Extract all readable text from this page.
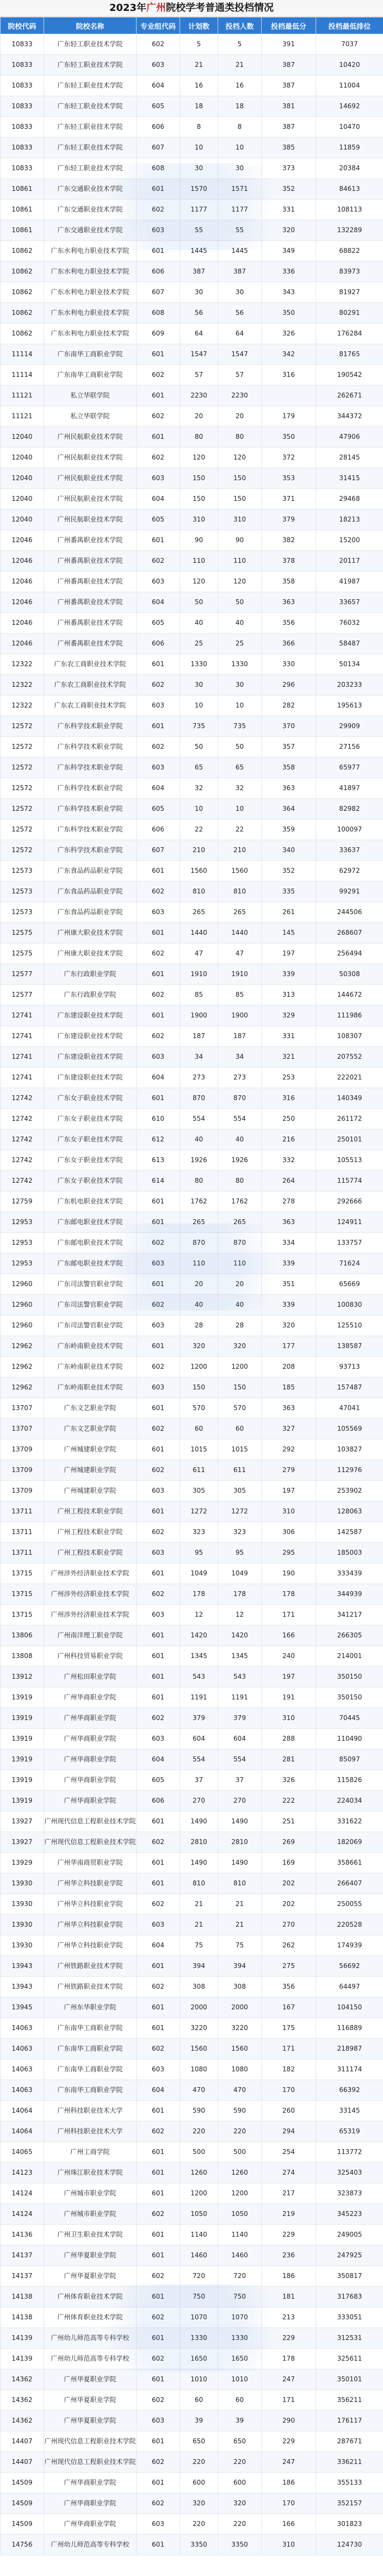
2023年广州院校学考普通类投档情况
院校代码	院校名称	专业组代码	计划数	投档人数	投档最低分	投档最低排位
10833	广东轻工职业技术学院	602	5	5	391	7037
10833	广东轻工职业技术学院	603	21	21	387	10420
10833	广东轻工职业技术学院	604	16	16	387	11004
10833	广东轻工职业技术学院	605	18	18	381	14692
10833	广东轻工职业技术学院	606	8	8	387	10470
10833	广东轻工职业技术学院	607	10	10	385	11859
10833	广东轻工职业技术学院	608	30	30	373	20384
10861	广东交通职业技术学院	601	1570	1571	352	84613
10861	广东交通职业技术学院	602	1177	1177	331	108113
10861	广东交通职业技术学院	603	55	55	320	132289
10862	广东水利电力职业技术学院	601	1445	1445	349	68822
10862	广东水利电力职业技术学院	606	387	387	336	83973
10862	广东水利电力职业技术学院	607	30	30	343	81927
10862	广东水利电力职业技术学院	608	56	56	350	80291
10862	广东水利电力职业技术学院	609	64	64	326	176284
11114	广东南华工商职业学院	601	1547	1547	342	81765
11114	广东南华工商职业学院	602	57	57	316	190542
11121	私立华联学院	601	2230	2230		262671
11121	私立华联学院	602	20	20	179	344372
12040	广州民航职业技术学院	601	80	80	350	47906
12040	广州民航职业技术学院	602	120	120	372	28145
12040	广州民航职业技术学院	603	150	150	353	31415
12040	广州民航职业技术学院	604	150	150	371	29468
12040	广州民航职业技术学院	605	310	310	379	18213
12046	广州番禺职业技术学院	601	90	90	382	15200
12046	广州番禺职业技术学院	602	110	110	378	20117
12046	广州番禺职业技术学院	603	120	120	358	41987
12046	广州番禺职业技术学院	604	50	50	363	33657
12046	广州番禺职业技术学院	605	40	40	356	76032
12046	广州番禺职业技术学院	606	25	25	366	58487
12322	广东农工商职业技术学院	601	1330	1330	330	50134
12322	广东农工商职业技术学院	602	30	30	296	203233
12322	广东农工商职业技术学院	603	10	10	282	195613
12572	广东科学技术职业学院	601	735	735	370	29909
12572	广东科学技术职业学院	602	50	50	357	27156
12572	广东科学技术职业学院	603	65	65	358	65977
12572	广东科学技术职业学院	604	32	32	363	41897
12572	广东科学技术职业学院	605	10	10	364	82982
12572	广东科学技术职业学院	606	22	22	359	100097
12572	广东科学技术职业学院	607	210	210	340	33637
12573	广东食品药品职业学院	601	1560	1560	352	62972
12573	广东食品药品职业学院	602	810	810	335	99291
12573	广东食品药品职业学院	603	265	265	261	244506
12575	广州康大职业技术学院	601	1440	1440	145	268607
12575	广州康大职业技术学院	602	47	47	197	256494
12577	广东行政职业学院	601	1910	1910	339	50308
12577	广东行政职业学院	602	85	85	313	144672
12741	广东建设职业技术学院	601	1900	1900	329	111986
12741	广东建设职业技术学院	602	187	187	331	108307
12741	广东建设职业技术学院	603	34	34	321	207552
12741	广东建设职业技术学院	604	273	273	253	222021
12742	广东女子职业技术学院	601	870	870	316	140349
12742	广东女子职业技术学院	610	554	554	250	261172
12742	广东女子职业技术学院	612	40	40	216	250101
12742	广东女子职业技术学院	613	1926	1926	332	105513
12742	广东女子职业技术学院	614	80	80	264	115774
12759	广东机电职业技术学院	601	1762	1762	278	292666
12953	广东邮电职业技术学院	601	265	265	363	124911
12953	广东邮电职业技术学院	602	870	870	334	133757
12953	广东邮电职业技术学院	603	110	110	339	71624
12960	广东司法警官职业学院	601	20	20	351	65669
12960	广东司法警官职业学院	602	40	40	339	100830
12960	广东司法警官职业学院	603	28	28	320	125510
12962	广东岭南职业技术学院	601	320	320	177	138587
12962	广东岭南职业技术学院	602	1200	1200	208	93713
12962	广东岭南职业技术学院	603	150	150	185	157487
13707	广东文艺职业学院	601	570	570	363	47041
13707	广东文艺职业学院	602	60	60	327	105569
13709	广州城建职业学院	601	1015	1015	292	103827
13709	广州城建职业学院	602	611	611	279	112976
13709	广州城建职业学院	603	305	305	197	253902
13711	广州工程技术职业学院	601	1272	1272	310	128063
13711	广州工程技术职业学院	602	323	323	306	142587
13711	广州工程技术职业学院	603	95	95	295	185003
13715	广州涉外经济职业技术学院	601	1049	1049	190	333439
13715	广州涉外经济职业技术学院	602	178	178	178	344939
13715	广州涉外经济职业技术学院	603	12	12	171	341217
13806	广州南洋理工职业学院	601	1420	1420	166	266305
13808	广州科技贸易职业学院	601	1345	1345	240	214001
13912	广州松田职业学院	601	543	543	197	350150
13919	广州华商职业学院	601	1191	1191	191	350150
13919	广州华商职业学院	602	379	379	310	70445
13919	广州华商职业学院	603	604	604	288	110490
13919	广州华商职业学院	604	554	554	281	85097
13919	广州华商职业学院	605	37	37	326	115826
13919	广州华商职业学院	606	270	270	222	224034
13927	广州现代信息工程职业技术学院	601	1490	1490	251	331622
13927	广州现代信息工程职业技术学院	602	2810	2810	269	182069
13929	广州华南商贸职业学院	601	1490	1490	169	358661
13930	广州华立科技职业学院	601	810	810	202	266407
13930	广州华立科技职业学院	602	21	21	202	250055
13930	广州华立科技职业学院	603	21	21	270	220528
13930	广州华立科技职业学院	604	75	75	262	174939
13943	广州铁路职业技术学院	601	394	394	275	56692
13943	广州铁路职业技术学院	602	308	308	356	64497
13945	广州东华职业学院	601	2000	2000	167	104150
14063	广东南华工商职业学院	601	3220	3220	175	116889
14063	广东南华工商职业学院	602	1560	1560	171	218987
14063	广东南华工商职业学院	603	1080	1080	182	311174
14063	广东南华工商职业学院	604	470	470	170	66392
14064	广州科技职业技术大学	601	590	590	260	33145
14064	广州科技职业技术大学	602	220	220	294	65319
14065	广州工商学院	601	500	500	254	113772
14123	广州珠江职业技术学院	601	1260	1260	274	325403
14124	广州城市职业学院	601	1200	1200	217	323873
14124	广州城市职业学院	602	1050	1050	219	345223
14136	广州卫生职业技术学院	601	1140	1140	229	249005
14137	广州华夏职业学院	601	1460	1460	236	247925
14137	广州华夏职业学院	602	720	720	186	350817
14138	广州体育职业技术学院	601	750	750	181	317683
14138	广州体育职业技术学院	602	1070	1070	213	333051
14139	广州幼儿师范高等专科学校	601	1330	1330	229	312531
14139	广州幼儿师范高等专科学校	602	1650	1650	178	325611
14362	广州华夏职业学院	601	1010	1010	247	350101
14362	广州华夏职业学院	602	60	60	171	356211
14362	广州华夏职业学院	603	39	39	290	176117
14407	广州现代信息工程职业技术学院	601	650	650	229	287671
14407	广州现代信息工程职业技术学院	602	220	220	247	336211
14509	广州华商职业学院	601	600	600	186	355133
14509	广州华商职业学院	602	320	320	170	352157
14509	广州华商职业学院	603	220	220	166	301823
14756	广州幼儿师范高等专科学校	601	3350	3350	310	124730
